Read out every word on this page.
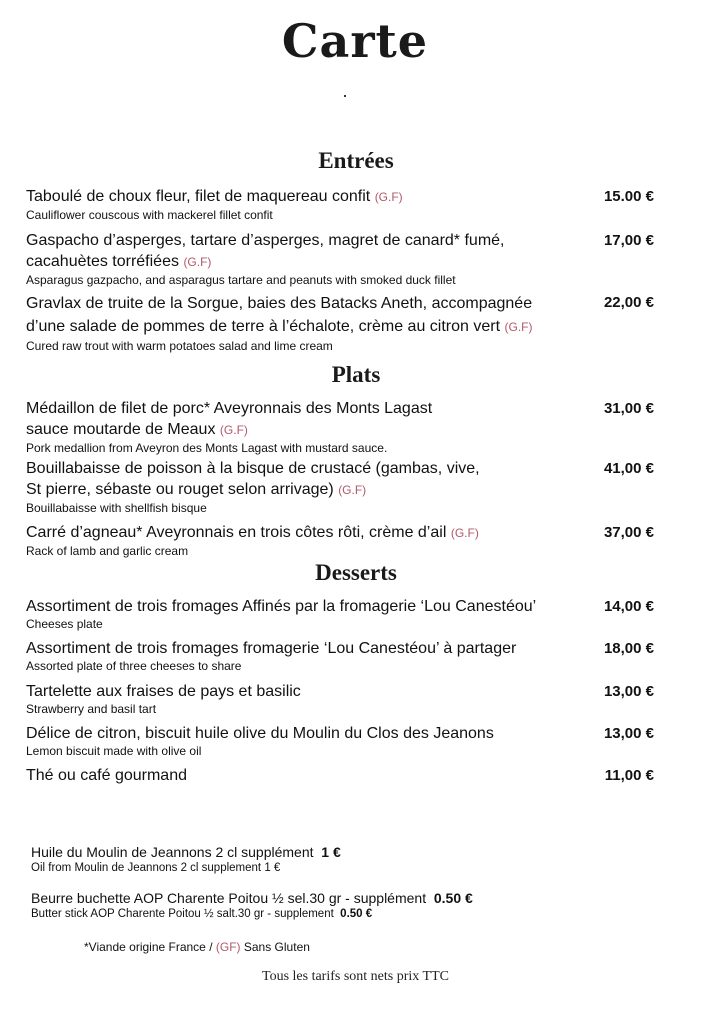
Carte
Entrées
Taboulé de choux fleur, filet de maquereau confit (G.F)
Cauliflower couscous with mackerel fillet confit
15.00 €
Gaspacho d’asperges, tartare d’asperges, magret de canard* fumé, cacahuètes torréfiées (G.F)
Asparagus gazpacho, and asparagus tartare and peanuts with smoked duck fillet
17,00 €
Gravlax de truite de la Sorgue, baies des Batacks Aneth, accompagnée d’une salade de pommes de terre à l’échalote, crème au citron vert (G.F)
Cured raw trout with warm potatoes salad and lime cream
22,00 €
Plats
Médaillon de filet de porc* Aveyronnais des Monts Lagast sauce moutarde de Meaux (G.F)
Pork medallion from Aveyron des Monts Lagast with mustard sauce.
31,00 €
Bouillabaisse de poisson à la bisque de crustacé (gambas, vive, St pierre, sébaste ou rouget selon arrivage) (G.F)
Bouillabaisse with shellfish bisque
41,00 €
Carré d’agneau* Aveyronnais en trois côtes rôti, crème d’ail (G.F)
Rack of lamb and garlic cream
37,00 €
Desserts
Assortiment de trois fromages Affinés par la fromagerie ‘Lou Canestéou’
Cheeses plate
14,00 €
Assortiment de trois fromages fromagerie ‘Lou Canestéou’ à partager
Assorted plate of three cheeses to share
18,00 €
Tartelette aux fraises de pays et basilic
Strawberry and basil tart
13,00 €
Délice de citron, biscuit huile olive du Moulin du Clos des Jeanons
Lemon biscuit made with olive oil
13,00 €
Thé ou café gourmand	11,00 €
Huile du Moulin de Jeannons 2 cl supplément 1 €
Oil from Moulin de Jeannons 2 cl supplement 1 €
Beurre buchette AOP Charente Poitou ½ sel.30 gr - supplément 0.50 €
Butter stick AOP Charente Poitou ½ salt.30 gr - supplement 0.50 €
*Viande origine France / (GF) Sans Gluten
Tous les tarifs sont nets prix TTC
